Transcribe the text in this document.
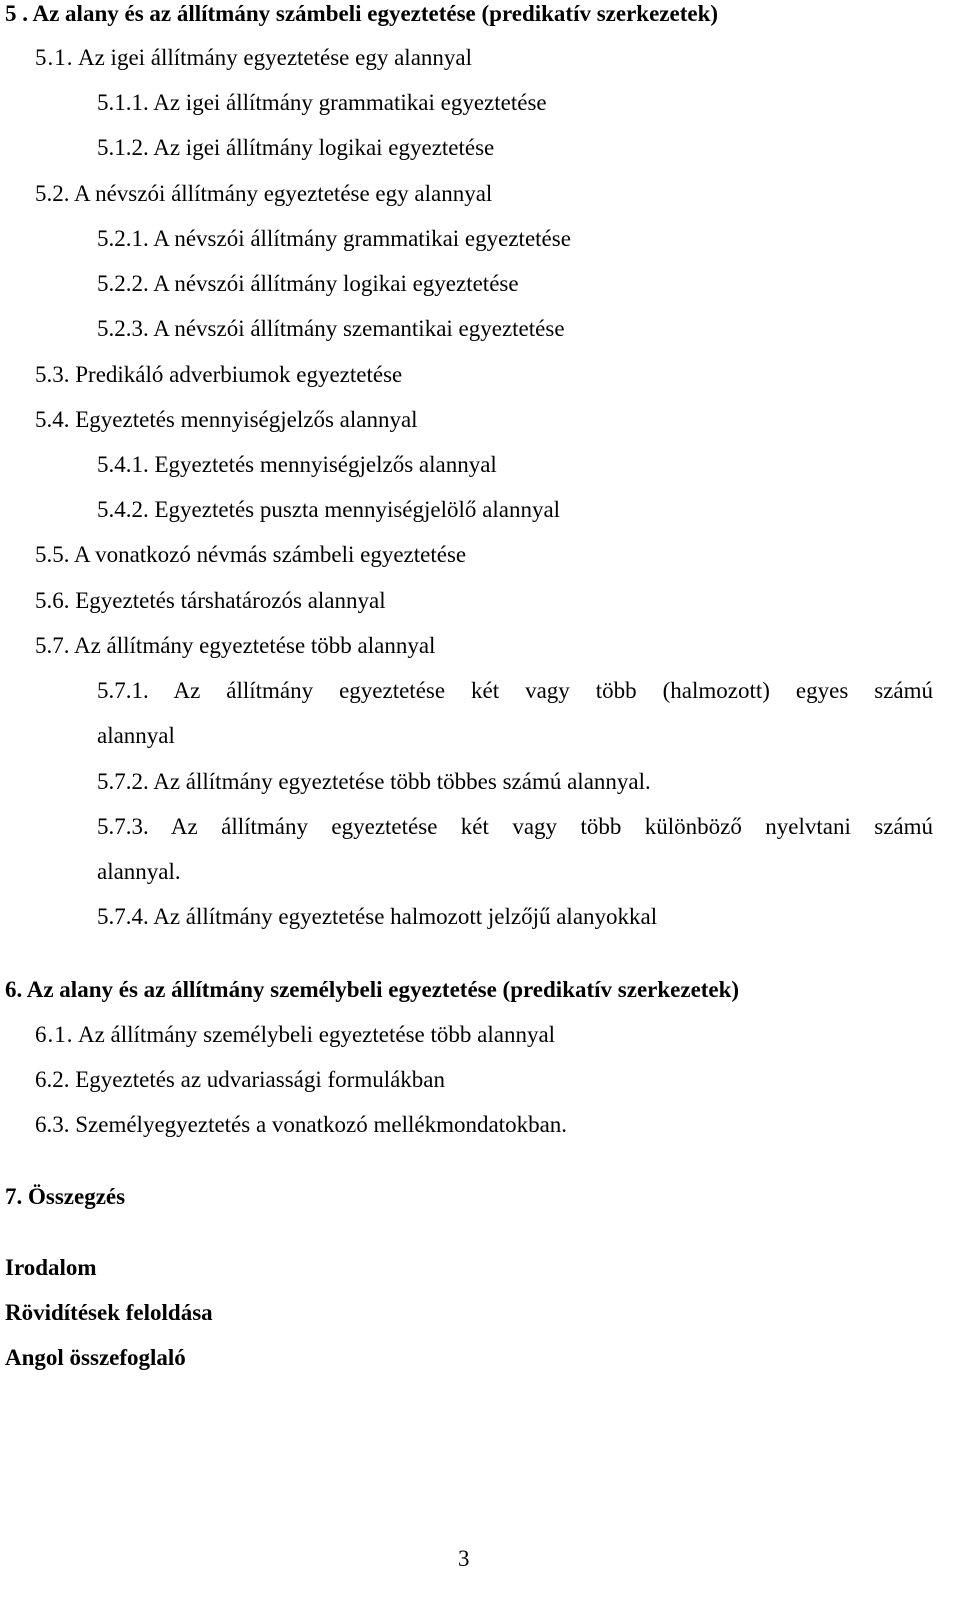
5 . Az alany és az állítmány számbeli egyeztetése (predikatív szerkezetek)
5.1. Az igei állítmány egyeztetése egy alannyal
5.1.1. Az igei állítmány grammatikai egyeztetése
5.1.2. Az igei állítmány logikai egyeztetése
5.2. A névszói állítmány egyeztetése egy alannyal
5.2.1. A névszói állítmány grammatikai egyeztetése
5.2.2. A névszói állítmány logikai egyeztetése
5.2.3. A névszói állítmány szemantikai egyeztetése
5.3. Predikáló adverbiumok egyeztetése
5.4. Egyeztetés mennyiségjelzős alannyal
5.4.1. Egyeztetés mennyiségjelzős alannyal
5.4.2. Egyeztetés puszta mennyiségjelölő alannyal
5.5. A vonatkozó névmás számbeli egyeztetése
5.6. Egyeztetés társhatározós alannyal
5.7. Az állítmány egyeztetése több alannyal
5.7.1. Az állítmány egyeztetése két vagy több (halmozott) egyes számú
alannyal
5.7.2. Az állítmány egyeztetése több többes számú alannyal.
5.7.3. Az állítmány egyeztetése két vagy több különböző nyelvtani számú
alannyal.
5.7.4. Az állítmány egyeztetése halmozott jelzőjű alanyokkal
6. Az alany és az állítmány személybeli egyeztetése (predikatív szerkezetek)
6.1. Az állítmány személybeli egyeztetése több alannyal
6.2. Egyeztetés az udvariassági formulákban
6.3. Személyegyeztetés a vonatkozó mellékmondatokban.
7. Összegzés
Irodalom
Rövidítések feloldása
Angol összefoglaló
3
